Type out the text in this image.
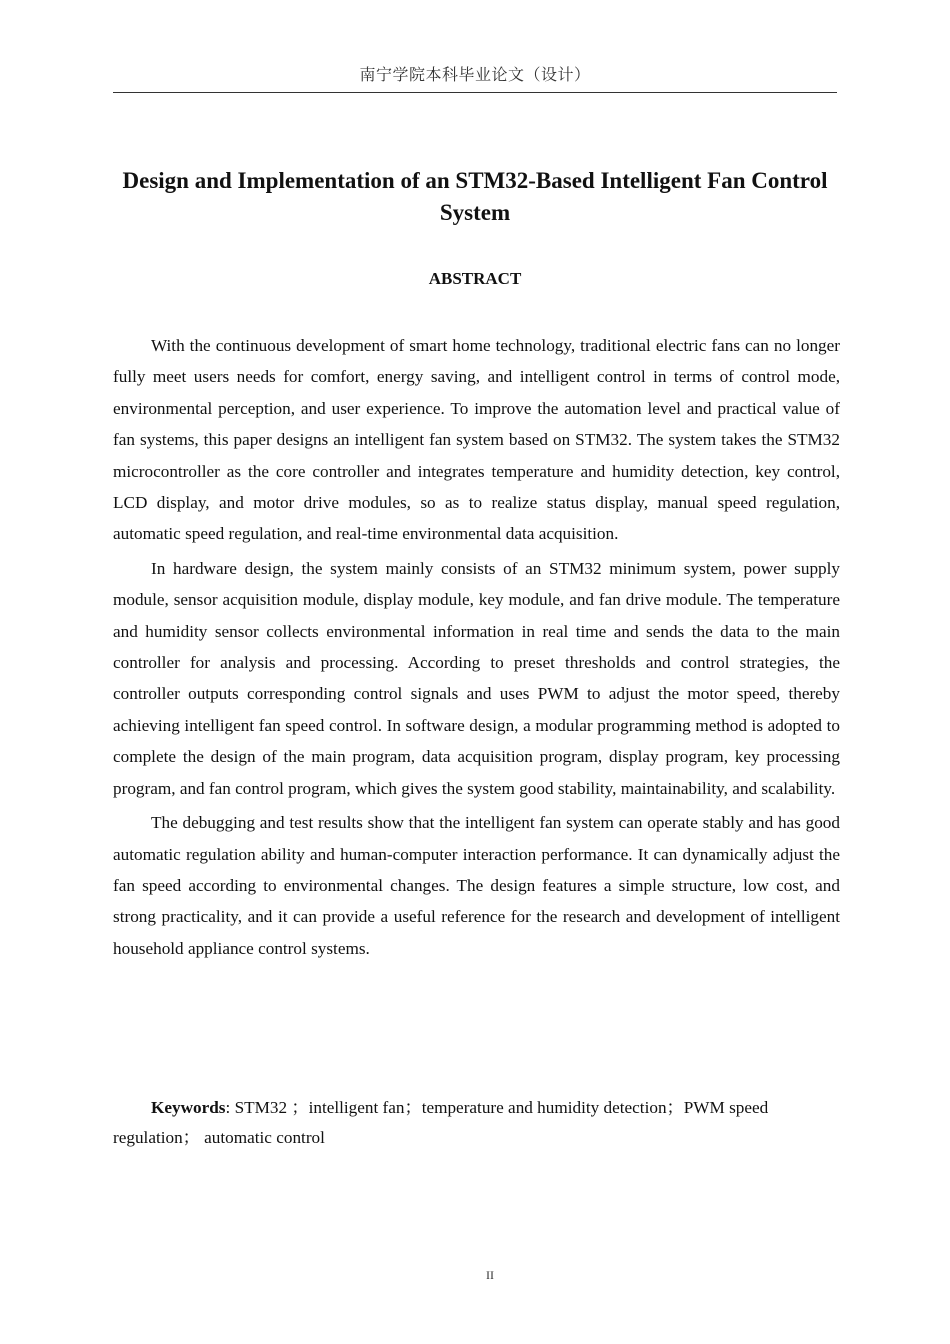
南宁学院本科毕业论文（设计）
Design and Implementation of an STM32-Based Intelligent Fan Control System
ABSTRACT

With the continuous development of smart home technology, traditional electric fans can no longer fully meet users needs for comfort, energy saving, and intelligent control in terms of control mode, environmental perception, and user experience. To improve the automation level and practical value of fan systems, this paper designs an intelligent fan system based on STM32. The system takes the STM32 microcontroller as the core controller and integrates temperature and humidity detection, key control, LCD display, and motor drive modules, so as to realize status display, manual speed regulation, automatic speed regulation, and real-time environmental data acquisition.

In hardware design, the system mainly consists of an STM32 minimum system, power supply module, sensor acquisition module, display module, key module, and fan drive module. The temperature and humidity sensor collects environmental information in real time and sends the data to the main controller for analysis and processing. According to preset thresholds and control strategies, the controller outputs corresponding control signals and uses PWM to adjust the motor speed, thereby achieving intelligent fan speed control. In software design, a modular programming method is adopted to complete the design of the main program, data acquisition program, display program, key processing program, and fan control program, which gives the system good stability, maintainability, and scalability.

The debugging and test results show that the intelligent fan system can operate stably and has good automatic regulation ability and human-computer interaction performance. It can dynamically adjust the fan speed according to environmental changes. The design features a simple structure, low cost, and strong practicality, and it can provide a useful reference for the research and development of intelligent household appliance control systems.

Keywords: STM32 ；intelligent fan；temperature and humidity detection；PWM speed regulation； automatic control
II
